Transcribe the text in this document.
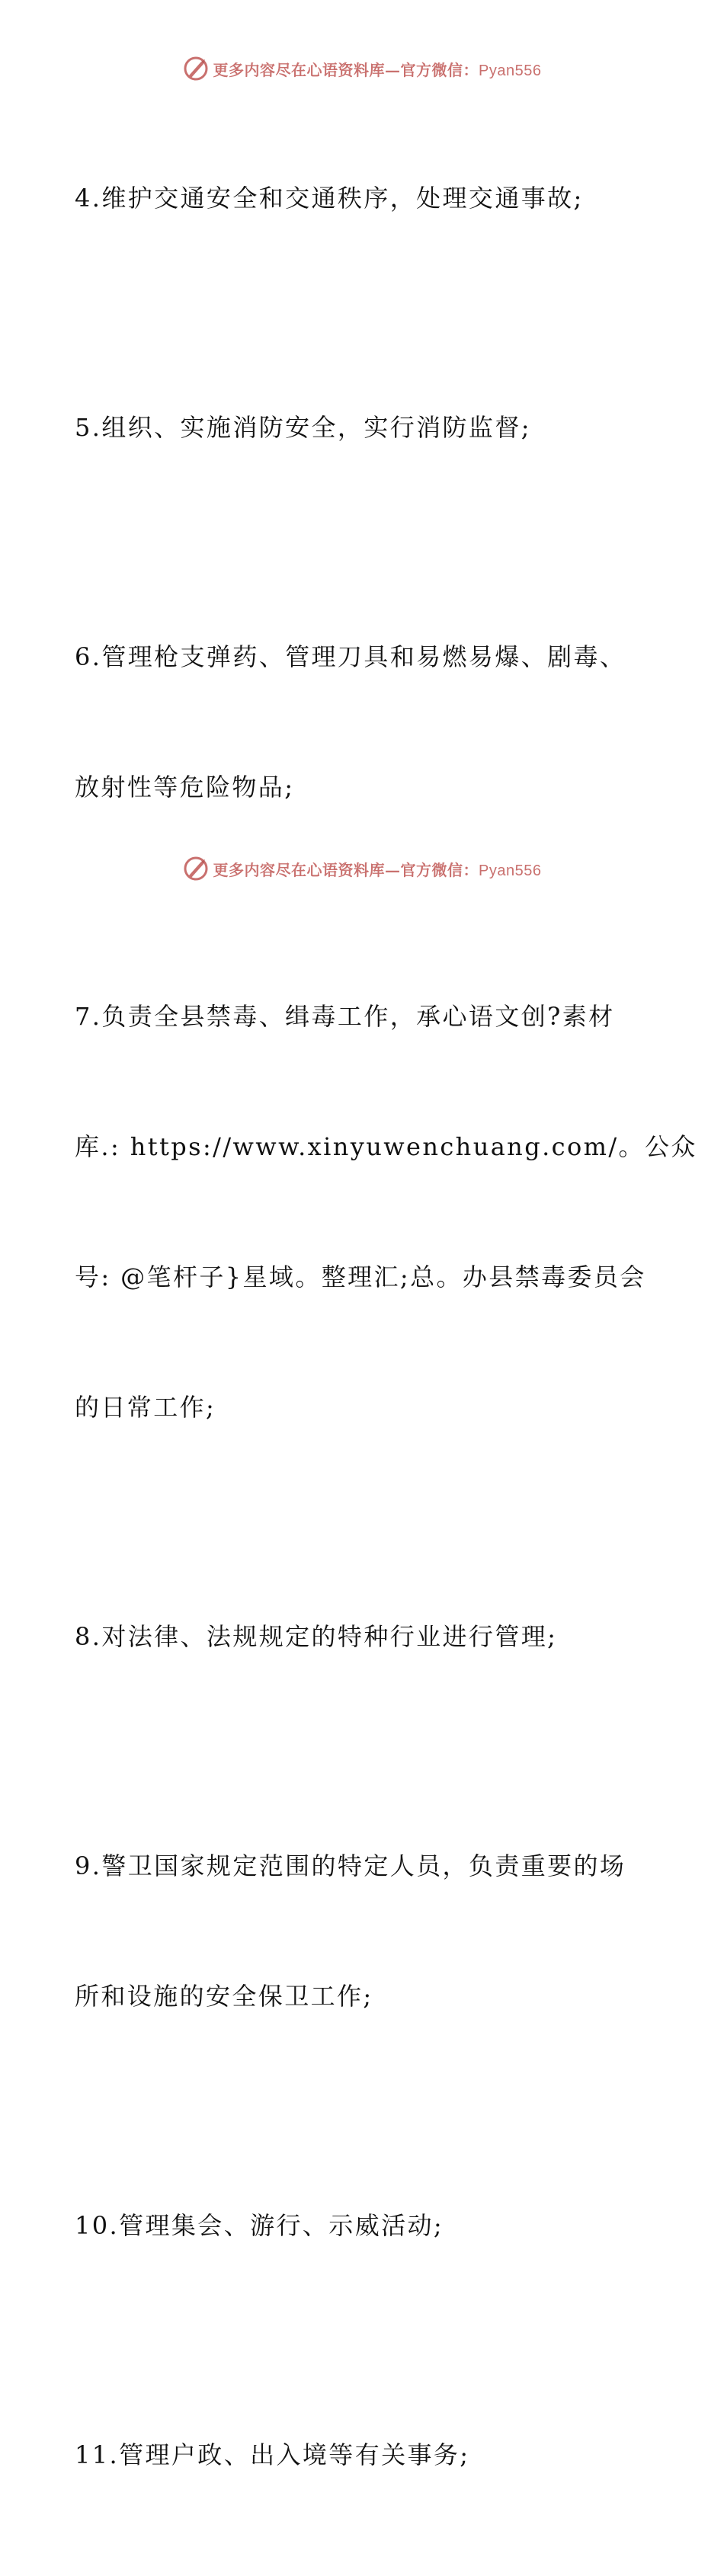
更多内容尽在心语资料库—官方微信：Pyan556

4.维护交通安全和交通秩序，处理交通事故;

5.组织、实施消防安全，实行消防监督;

6.管理枪支弹药、管理刀具和易燃易爆、剧毒、

放射性等危险物品;

7.负责全县禁毒、缉毒工作，承心语文创?素材

库.: https://www.xinyuwenchuang.com/。公众

号: @笔杆子}星域。整理汇;总。办县禁毒委员会

的日常工作;

8.对法律、法规规定的特种行业进行管理;

9.警卫国家规定范围的特定人员，负责重要的场

所和设施的安全保卫工作;

10.管理集会、游行、示威活动;

11.管理户政、出入境等有关事务;

更多内容尽在心语资料库—官方微信：Pyan556
